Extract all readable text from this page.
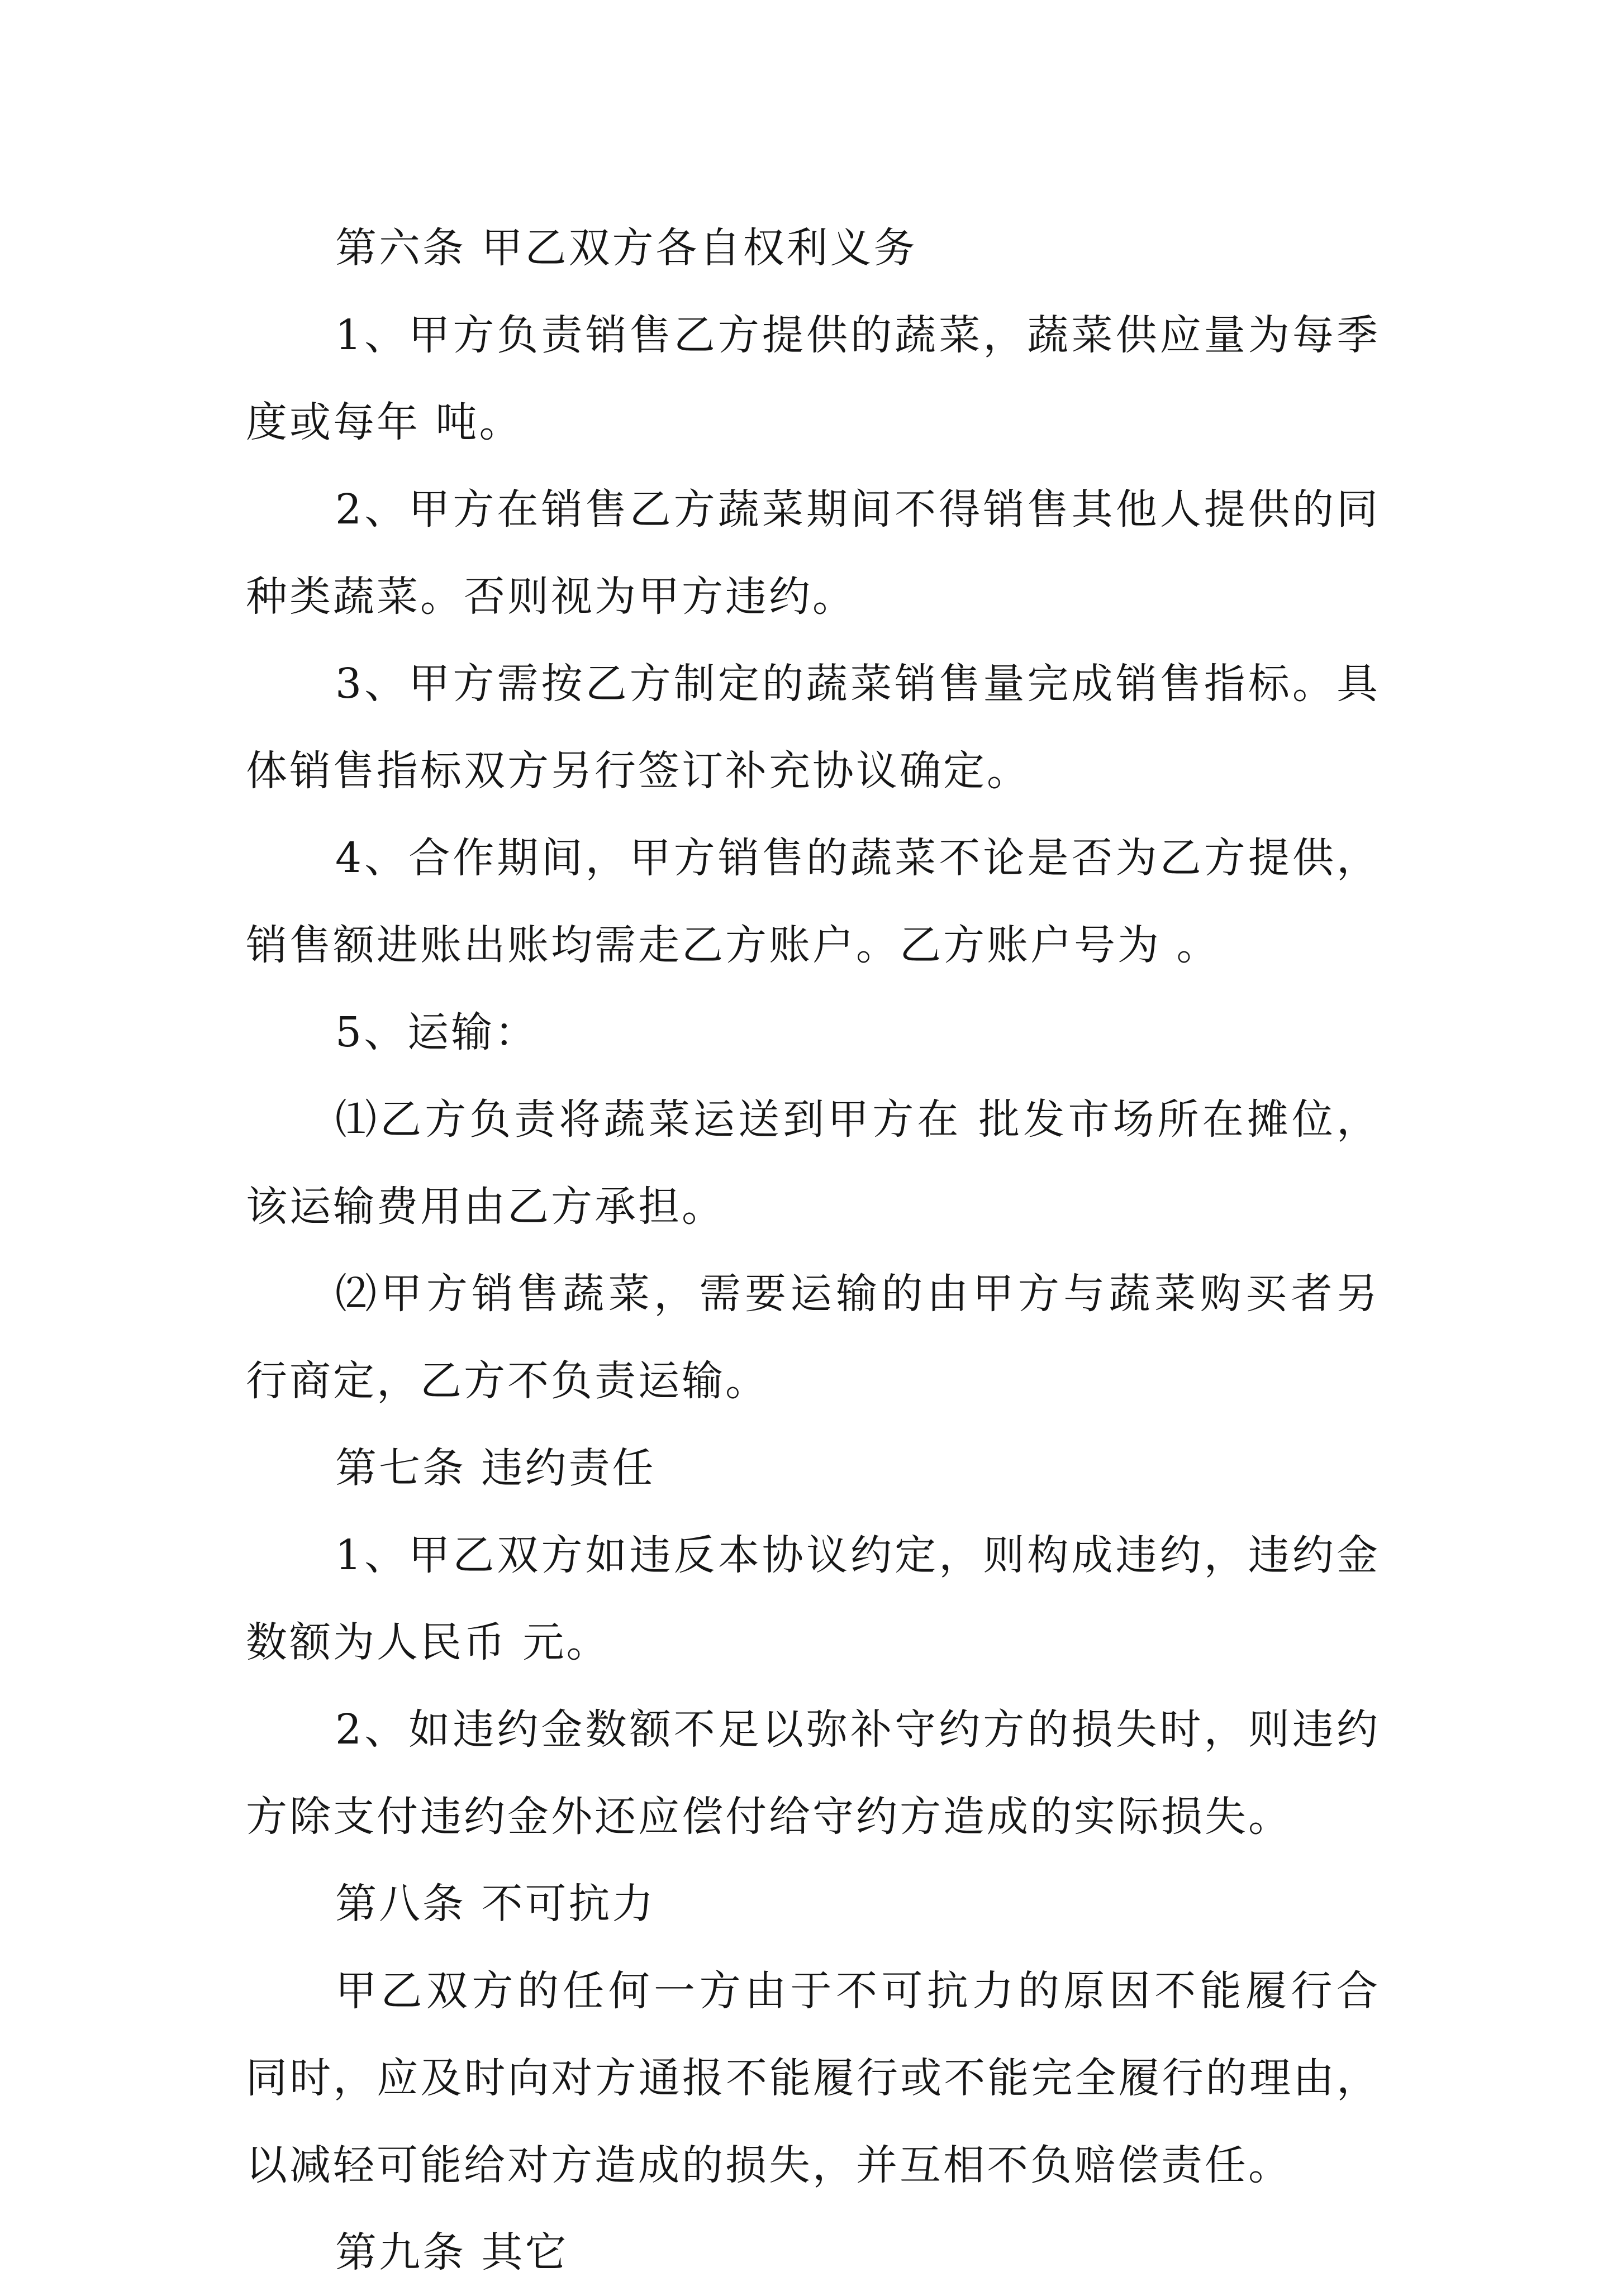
第六条 甲乙双方各自权利义务

1、甲方负责销售乙方提供的蔬菜，蔬菜供应量为每季度或每年 吨。

2、甲方在销售乙方蔬菜期间不得销售其他人提供的同种类蔬菜。否则视为甲方违约。

3、甲方需按乙方制定的蔬菜销售量完成销售指标。具体销售指标双方另行签订补充协议确定。

4、合作期间，甲方销售的蔬菜不论是否为乙方提供，销售额进账出账均需走乙方账户。乙方账户号为 。

5、运输：

⑴乙方负责将蔬菜运送到甲方在 批发市场所在摊位，该运输费用由乙方承担。

⑵甲方销售蔬菜，需要运输的由甲方与蔬菜购买者另行商定，乙方不负责运输。

第七条 违约责任

1、甲乙双方如违反本协议约定，则构成违约，违约金数额为人民币 元。

2、如违约金数额不足以弥补守约方的损失时，则违约方除支付违约金外还应偿付给守约方造成的实际损失。

第八条 不可抗力

甲乙双方的任何一方由于不可抗力的原因不能履行合同时，应及时向对方通报不能履行或不能完全履行的理由，以减轻可能给对方造成的损失，并互相不负赔偿责任。

第九条 其它
